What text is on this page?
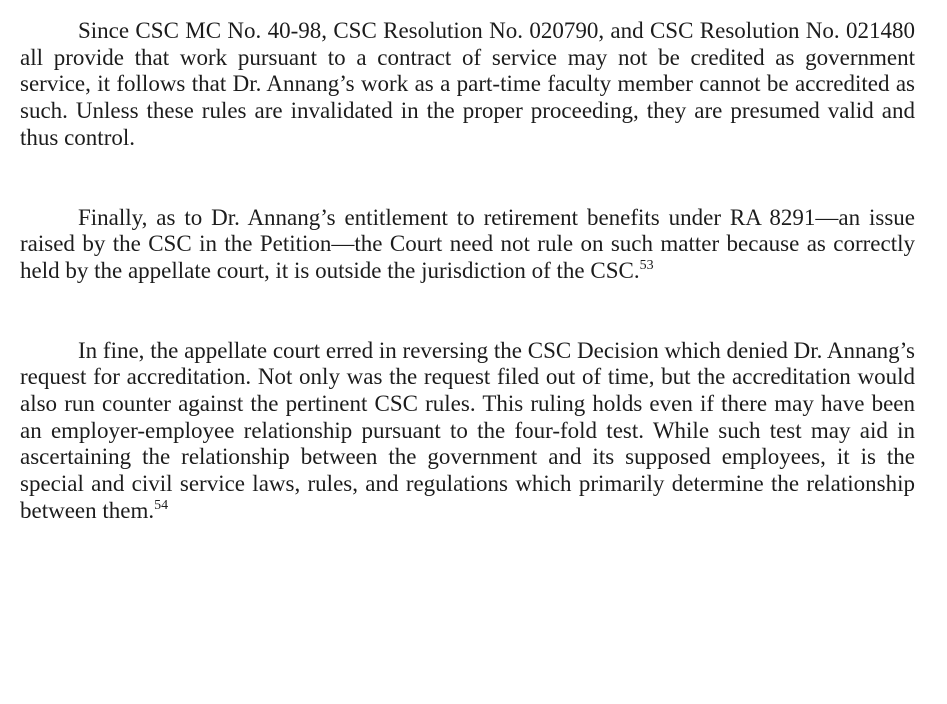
Since CSC MC No. 40-98, CSC Resolution No. 020790, and CSC Resolution No. 021480 all provide that work pursuant to a contract of service may not be credited as government service, it follows that Dr. Annang’s work as a part-time faculty member cannot be accredited as such. Unless these rules are invalidated in the proper proceeding, they are presumed valid and thus control.

Finally, as to Dr. Annang’s entitlement to retirement benefits under RA 8291—an issue raised by the CSC in the Petition—the Court need not rule on such matter because as correctly held by the appellate court, it is outside the jurisdiction of the CSC.$^{53}$

In fine, the appellate court erred in reversing the CSC Decision which denied Dr. Annang’s request for accreditation. Not only was the request filed out of time, but the accreditation would also run counter against the pertinent CSC rules. This ruling holds even if there may have been an employer-employee relationship pursuant to the four-fold test. While such test may aid in ascertaining the relationship between the government and its supposed employees, it is the special and civil service laws, rules, and regulations which primarily determine the relationship between them.$^{54}$
